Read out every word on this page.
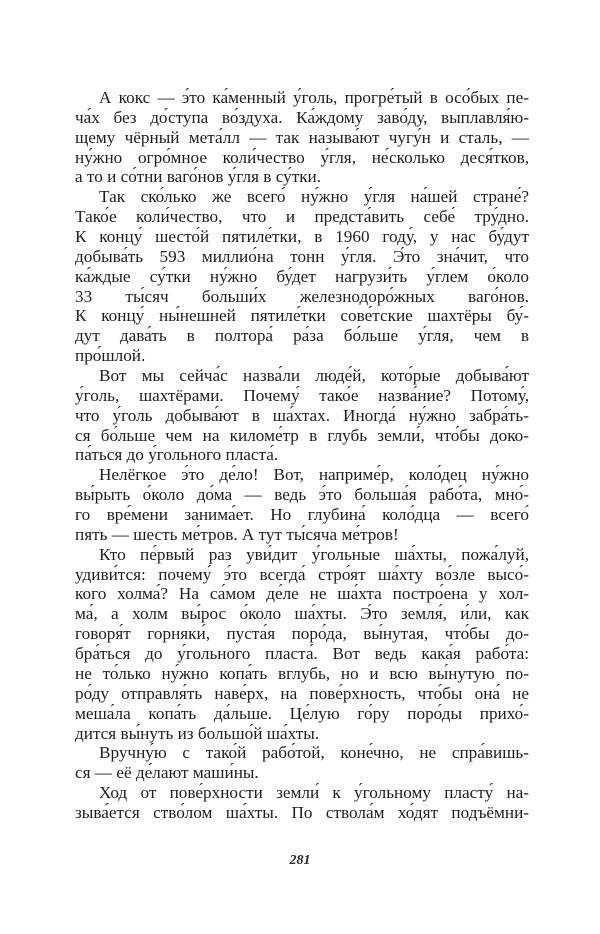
А кокс — э́то ка́менный у́голь, прогре́тый в осо́бых пе-
ча́х без до́ступа во́здуха. Ка́ждому заво́ду, выплавля́ю-
щему чёрный мета́лл — так называ́ют чугу́н и сталь, —
ну́жно огро́мное коли́чество у́гля, не́сколько деся́тков,
а то и со́тни ваго́нов у́гля в су́тки.
Так ско́лько же всего́ ну́жно у́гля на́шей стране́?
Тако́е коли́чество, что и предста́вить себе́ тру́дно.
К концу́ шесто́й пятиле́тки, в 1960 году́, у нас бу́дут
добыва́ть 593 миллио́на тонн у́гля. Э́то зна́чит, что
ка́ждые су́тки ну́жно бу́дет нагрузи́ть у́глем о́коло
33 ты́сяч больши́х железнодоро́жных ваго́нов.
К концу́ ны́нешней пятиле́тки сове́тские шахтёры бу́-
дут дава́ть в полтора́ ра́за бо́льше у́гля, чем в
про́шлой.
Вот мы сейча́с назва́ли люде́й, кото́рые добыва́ют
у́голь, шахтёрами. Почему́ тако́е назва́ние? Потому́,
что у́голь добыва́ют в ша́хтах. Иногда́ ну́жно забра́ть-
ся бо́льше чем на киломе́тр в глубь земли́, что́бы доко-
па́ться до у́гольного пласта́.
Нелёгкое э́то де́ло! Вот, наприме́р, коло́дец ну́жно
вы́рыть о́коло до́ма — ведь э́то больша́я рабо́та, мно́-
го вре́мени занима́ет. Но глубина́ коло́дца — всего́
пять — шесть ме́тров. А тут ты́сяча ме́тров!
Кто пе́рвый раз уви́дит у́гольные ша́хты, пожа́луй,
удиви́тся: почему́ э́то всегда́ стро́ят ша́хту во́зле высо́-
кого холма́? На са́мом де́ле не ша́хта постро́ена у хол-
ма́, а холм вы́рос о́коло ша́хты. Э́то земля́, и́ли, как
говоря́т горняки́, пуста́я поро́да, вы́нутая, что́бы до-
бра́ться до у́гольного пласта́. Вот ведь кака́я рабо́та:
не то́лько ну́жно копа́ть вглубь, но и всю вы́нутую по-
ро́ду отправля́ть наве́рх, на пове́рхность, что́бы она́ не
меша́ла копа́ть да́льше. Це́лую го́ру поро́ды прихо́-
дится вы́нуть из большо́й ша́хты.
Вручну́ю с тако́й рабо́той, коне́чно, не спра́вишь-
ся — её де́лают маши́ны.
Ход от пове́рхности земли́ к у́гольному пласту́ на-
зыва́ется ство́лом ша́хты. По ствола́м хо́дят подъёмни-
281
